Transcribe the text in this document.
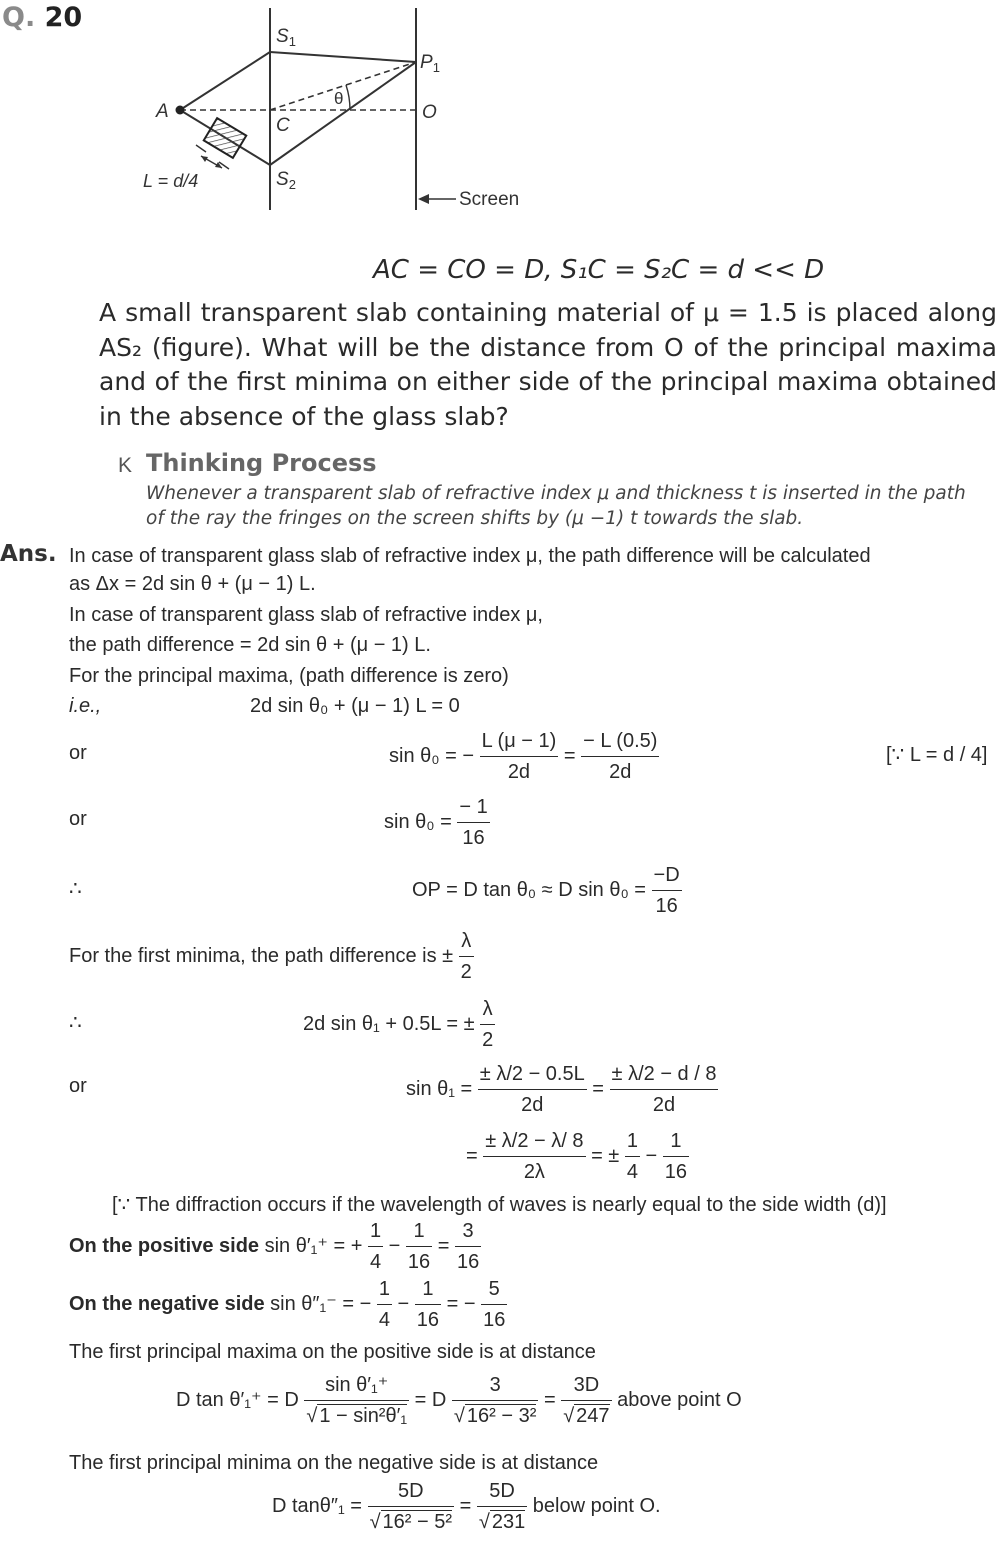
Q. 20
$S_1$
$P_1$
A
C
O
θ
$S_2$
L = d/4
Screen
AC = CO = D, S₁C = S₂C = d << D
A small transparent slab containing material of μ = 1.5 is placed along AS₂ (figure). What will be the distance from O of the principal maxima and of the first minima on either side of the principal maxima obtained in the absence of the glass slab?
K Thinking Process
Whenever a transparent slab of refractive index μ and thickness t is inserted in the path of the ray the fringes on the screen shifts by (μ −1) t towards the slab.
Ans. In case of transparent glass slab of refractive index μ, the path difference will be calculated
as Δx = 2d sin θ + (μ − 1) L.
In case of transparent glass slab of refractive index μ,
the path difference = 2d sin θ + (μ − 1) L.
For the principal maxima, (path difference is zero)
i.e.,	2d sin θ₀ + (μ − 1) L = 0
or	sin θ₀ = − $\frac{L (\mu - 1)}{2d} = \frac{- L (0.5)}{2d}$	[∵ L = d / 4]
or	$\sin \theta_0 = \frac{- 1}{16}$
∴	OP = D tan θ₀ ≈ D $\sin \theta_0 = \frac{-D}{16}$
For the first minima, the path difference is ± $\frac{\lambda}{2}$
∴	2d sin θ₁ + 0.5L = ± $\frac{\lambda}{2}$
or	$\sin \theta_1 = \frac{\pm \lambda/2 - 0.5L}{2d} = \frac{\pm \lambda/2 - d / 8}{2d}$
= $\frac{\pm \lambda/2 - \lambda/ 8}{2\lambda}$ = ± $\frac{1}{4} - \frac{1}{16}$
[∵ The diffraction occurs if the wavelength of waves is nearly equal to the side width (d)]
On the positive side sin θ′₁⁺ = + $\frac{1}{4} - \frac{1}{16} = \frac{3}{16}$
On the negative side sin θ″₁⁻ = − $\frac{1}{4} - \frac{1}{16}$ = − $\frac{5}{16}$
The first principal maxima on the positive side is at distance
D tan θ′₁⁺ = D $\frac{\text{sin θ′₁⁺}}{\text{√ 1 − sin²θ′₁}} = D \frac{3}{\text{√ 16² − 3²}} = \frac{3D}{√ 247}$ above point O
The first principal minima on the negative side is at distance
D $\tan\theta''_1 = \frac{5D}{\text{√ 16² − 5²}} = \frac{5D}{√ 231}$ below point O.
